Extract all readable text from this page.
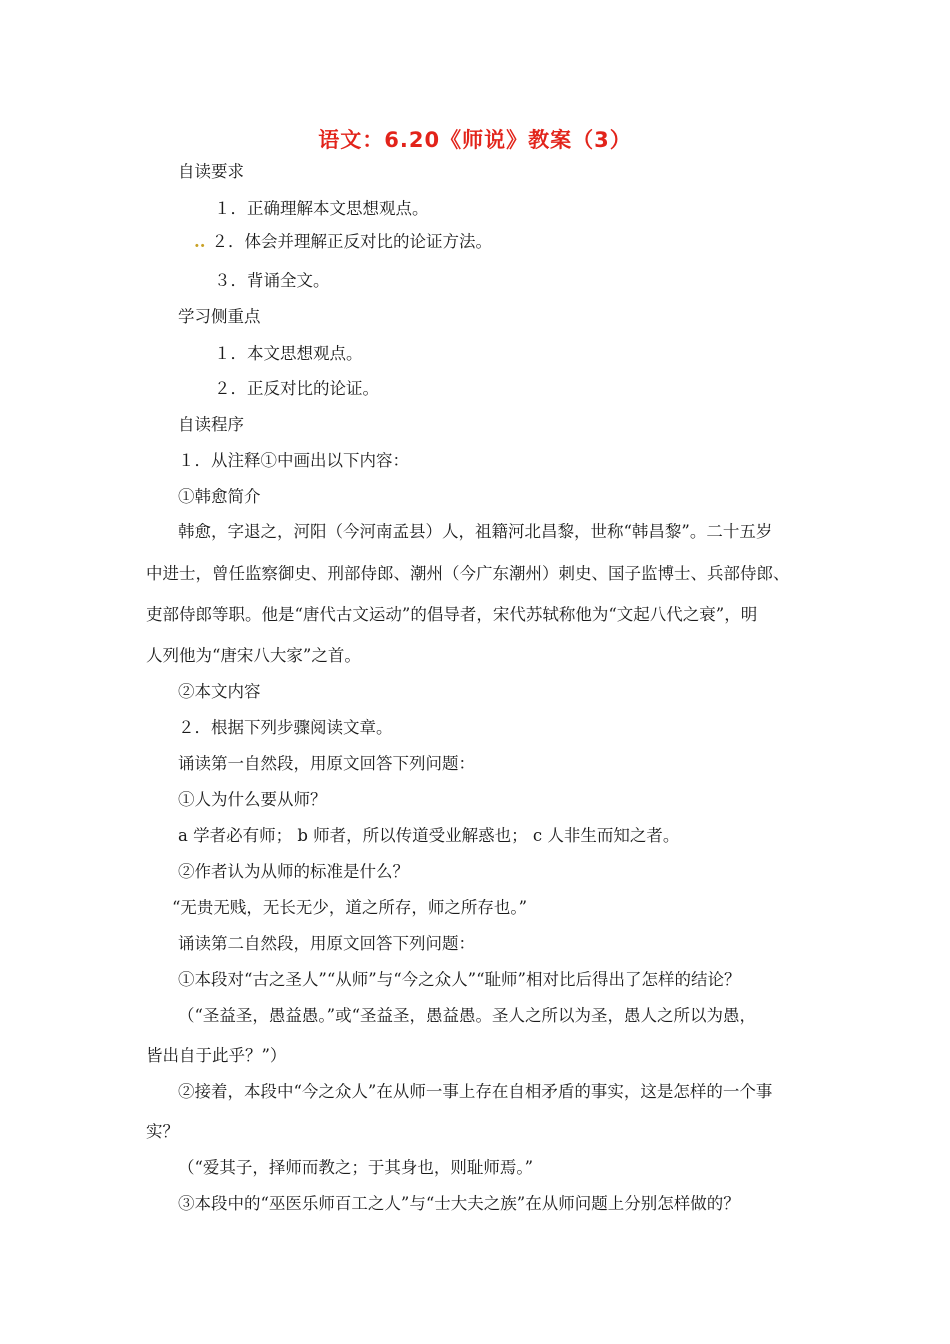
语文：6.20《师说》教案（3）
自读要求
１．正确理解本文思想观点。
.. ２．体会并理解正反对比的论证方法。
３．背诵全文。
学习侧重点
１．本文思想观点。
２．正反对比的论证。
自读程序
１．从注释①中画出以下内容：
①韩愈简介
韩愈，字退之，河阳（今河南孟县）人，祖籍河北昌黎，世称“韩昌黎”。二十五岁
中进士，曾任监察御史、刑部侍郎、潮州（今广东潮州）刺史、国子监博士、兵部侍郎、
吏部侍郎等职。他是“唐代古文运动”的倡导者，宋代苏轼称他为“文起八代之衰”，明
人列他为“唐宋八大家”之首。
②本文内容
２．根据下列步骤阅读文章。
诵读第一自然段，用原文回答下列问题：
①人为什么要从师？
a 学者必有师； b 师者，所以传道受业解惑也； c 人非生而知之者。
②作者认为从师的标准是什么？
“无贵无贱，无长无少，道之所存，师之所存也。”
诵读第二自然段，用原文回答下列问题：
①本段对“古之圣人”“从师”与“今之众人”“耻师”相对比后得出了怎样的结论？
（“圣益圣，愚益愚。”或“圣益圣，愚益愚。圣人之所以为圣，愚人之所以为愚，
皆出自于此乎？”）
②接着，本段中“今之众人”在从师一事上存在自相矛盾的事实，这是怎样的一个事
实？
（“爱其子，择师而教之；于其身也，则耻师焉。”
③本段中的“巫医乐师百工之人”与“士大夫之族”在从师问题上分别怎样做的？
